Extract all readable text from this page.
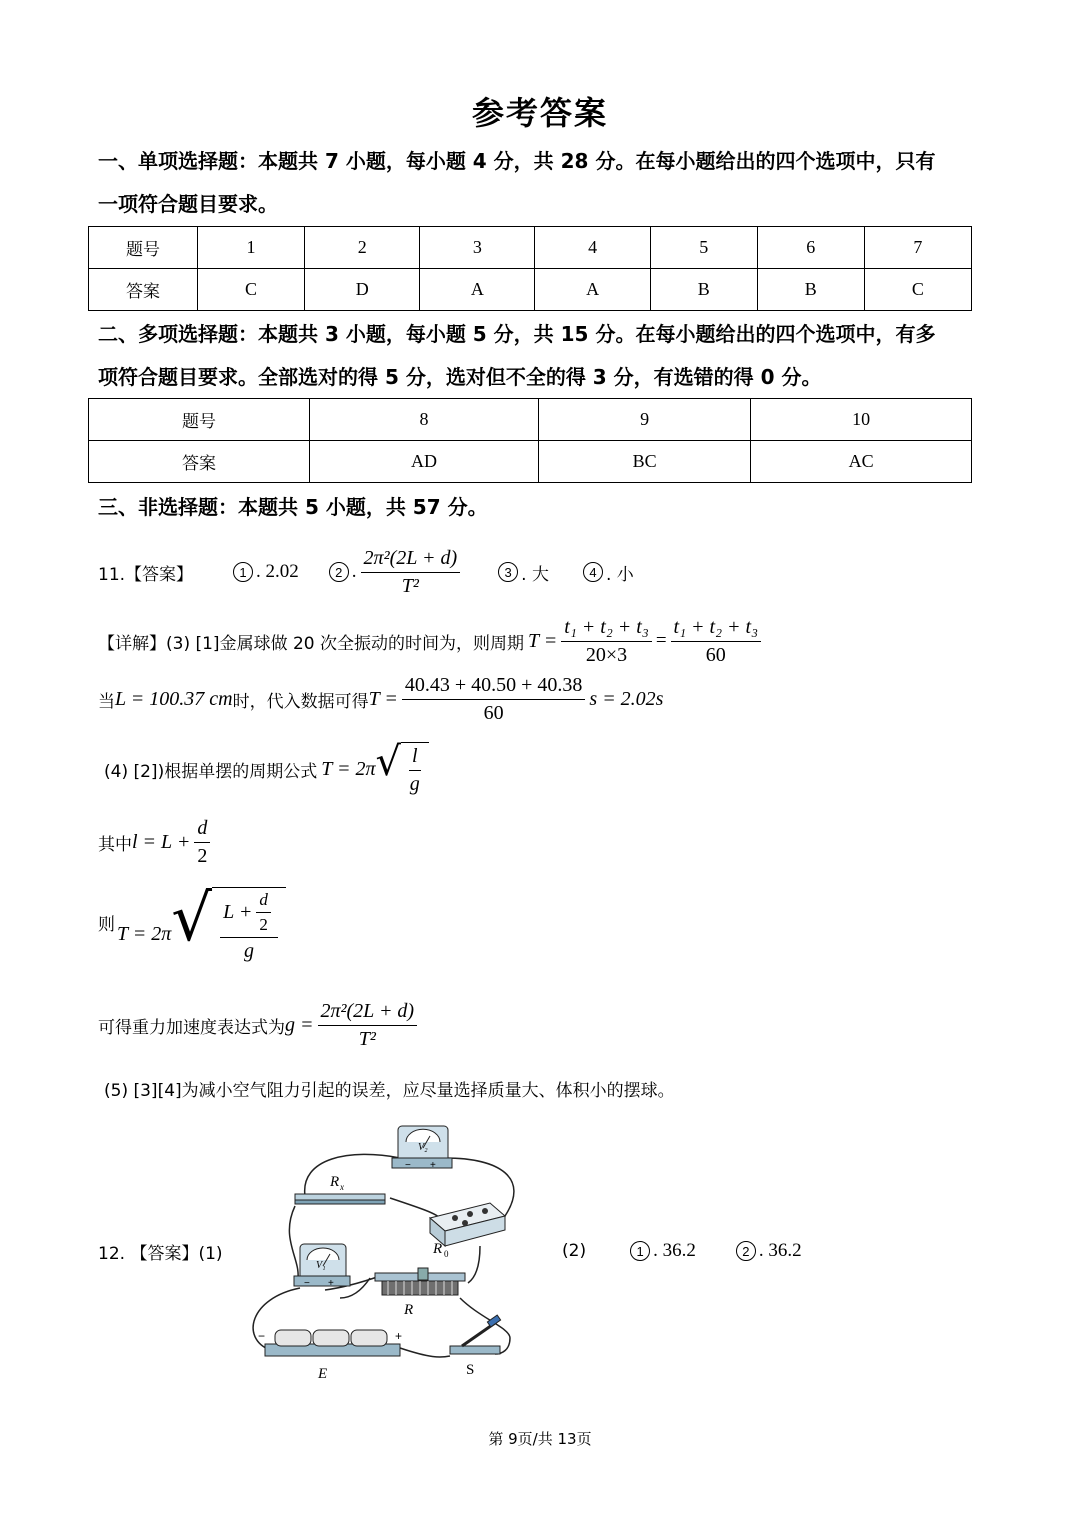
参考答案
一、单项选择题：本题共 7 小题，每小题 4 分，共 28 分。在每小题给出的四个选项中，只有
一项符合题目要求。
题号	1	2	3	4	5	6	7
答案	C	D	A	A	B	B	C
二、多项选择题：本题共 3 小题，每小题 5 分，共 15 分。在每小题给出的四个选项中，有多
项符合题目要求。全部选对的得 5 分，选对但不全的得 3 分，有选错的得 0 分。
题号	8	9	10
答案	AD	BC	AC
三、非选择题：本题共 5 小题，共 57 分。
11.【答案】	1 . 2.02	2 . $\frac{\text{2π²(2L + d)}}{\text{T²}}$	3 . 大	4 . 小
【详解】(3) [1]金属球做 20 次全振动的时间为，则周期 $T = \frac{\text{t₁ + t₂ + t₃}}{20\times 3} = \frac{\text{t₁ + t₂ + t₃}}{60}$
当 L = 100.37 cm 时，代入数据可得 $T = \frac{40.43 + 40.50 + 40.38}{60}$ s = 2.02s
(4) [2])根据单摆的周期公式 T = 2π √ $\frac{l}{g}$
其中 $l = L + \frac{d}{2}$
则 T = 2π √ $\frac{L + \frac{d}{2}}{g}$
可得重力加速度表达式为 $g = \frac{\text{2π²(2L + d)}}{\text{T²}}$
(5) [3][4]为减小空气阻力引起的误差，应尽量选择质量大、体积小的摆球。
12. 【答案】(1)	(2)	1 . 36.2	2 . 36.2
V₂
− +
R x
R 0
V₁
− +
R
−	+
E	S
第 9页/共 13页
